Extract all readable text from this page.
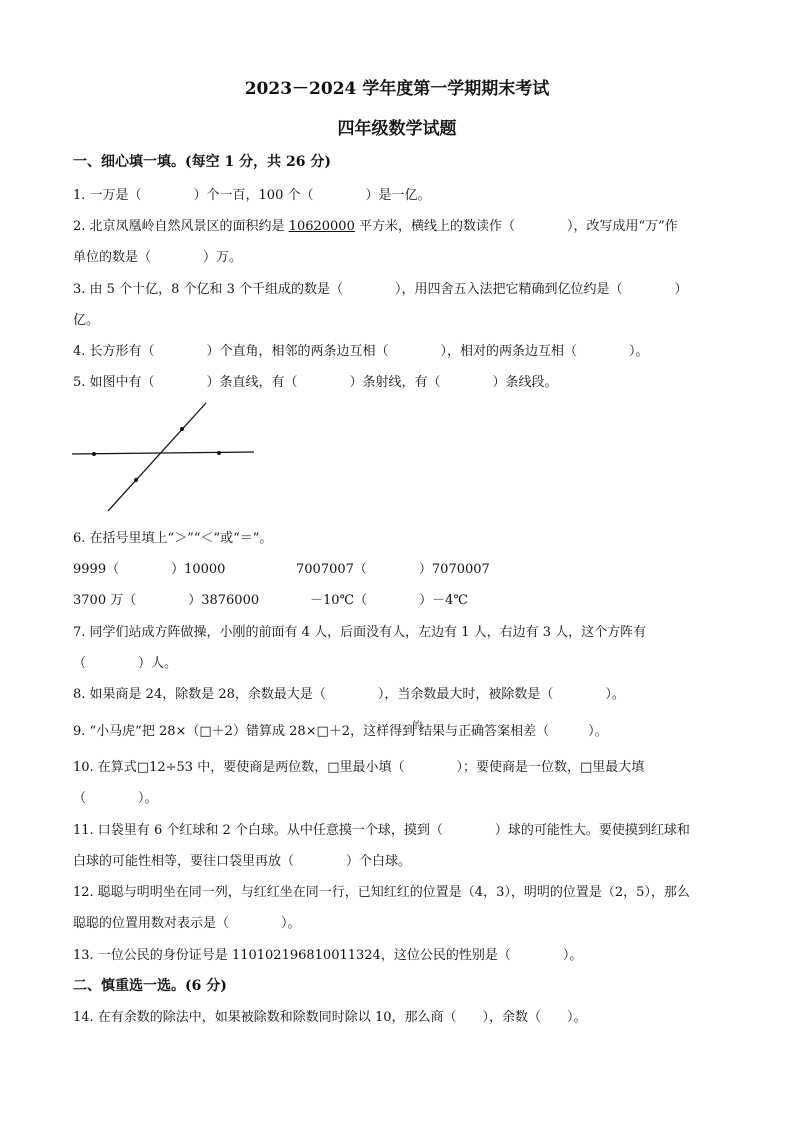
2023－2024 学年度第一学期期末考试
四年级数学试题
一、细心填一填。(每空 1 分，共 26 分)
1. 一万是（　　　　）个一百，100 个（　　　　）是一亿。
2. 北京凤凰岭自然风景区的面积约是 10620000 平方米，横线上的数读作（　　　　），改写成用“万”作
单位的数是（　　　　）万。
3. 由 5 个十亿，8 个亿和 3 个千组成的数是（　　　　），用四舍五入法把它精确到亿位约是（　　　　）
亿。
4. 长方形有（　　　　）个直角，相邻的两条边互相（　　　　），相对的两条边互相（　　　　）。
5. 如图中有（　　　　）条直线，有（　　　　）条射线，有（　　　　）条线段。
6. 在括号里填上“＞”“＜”或“＝”。
9999（　　　　）10000	7007007（　　　　）7070007
3700 万（　　　　）3876000	－10℃（　　　　）－4℃
7. 同学们站成方阵做操，小刚的前面有 4 人，后面没有人，左边有 1 人，右边有 3 人，这个方阵有
（　　　　）人。
8. 如果商是 24，除数是 28，余数最大是（　　　　），当余数最大时，被除数是（　　　　）。
9. “小马虎”把 28×（□＋2）错算成 28×□＋2，这样得到$^的$结果与正确答案相差（　　　）。
10. 在算式□12÷53 中，要使商是两位数，□里最小填（　　　　）；要使商是一位数，□里最大填
（　　　　）。
11. 口袋里有 6 个红球和 2 个白球。从中任意摸一个球，摸到（　　　　）球的可能性大。要使摸到红球和
白球的可能性相等，要往口袋里再放（　　　　）个白球。
12. 聪聪与明明坐在同一列，与红红坐在同一行，已知红红的位置是（4，3），明明的位置是（2，5），那么
聪聪的位置用数对表示是（　　　　）。
13. 一位公民的身份证号是 110102196810011324，这位公民的性别是（　　　　）。
二、慎重选一选。(6 分)
14. 在有余数的除法中，如果被除数和除数同时除以 10，那么商（　　），余数（　　）。
